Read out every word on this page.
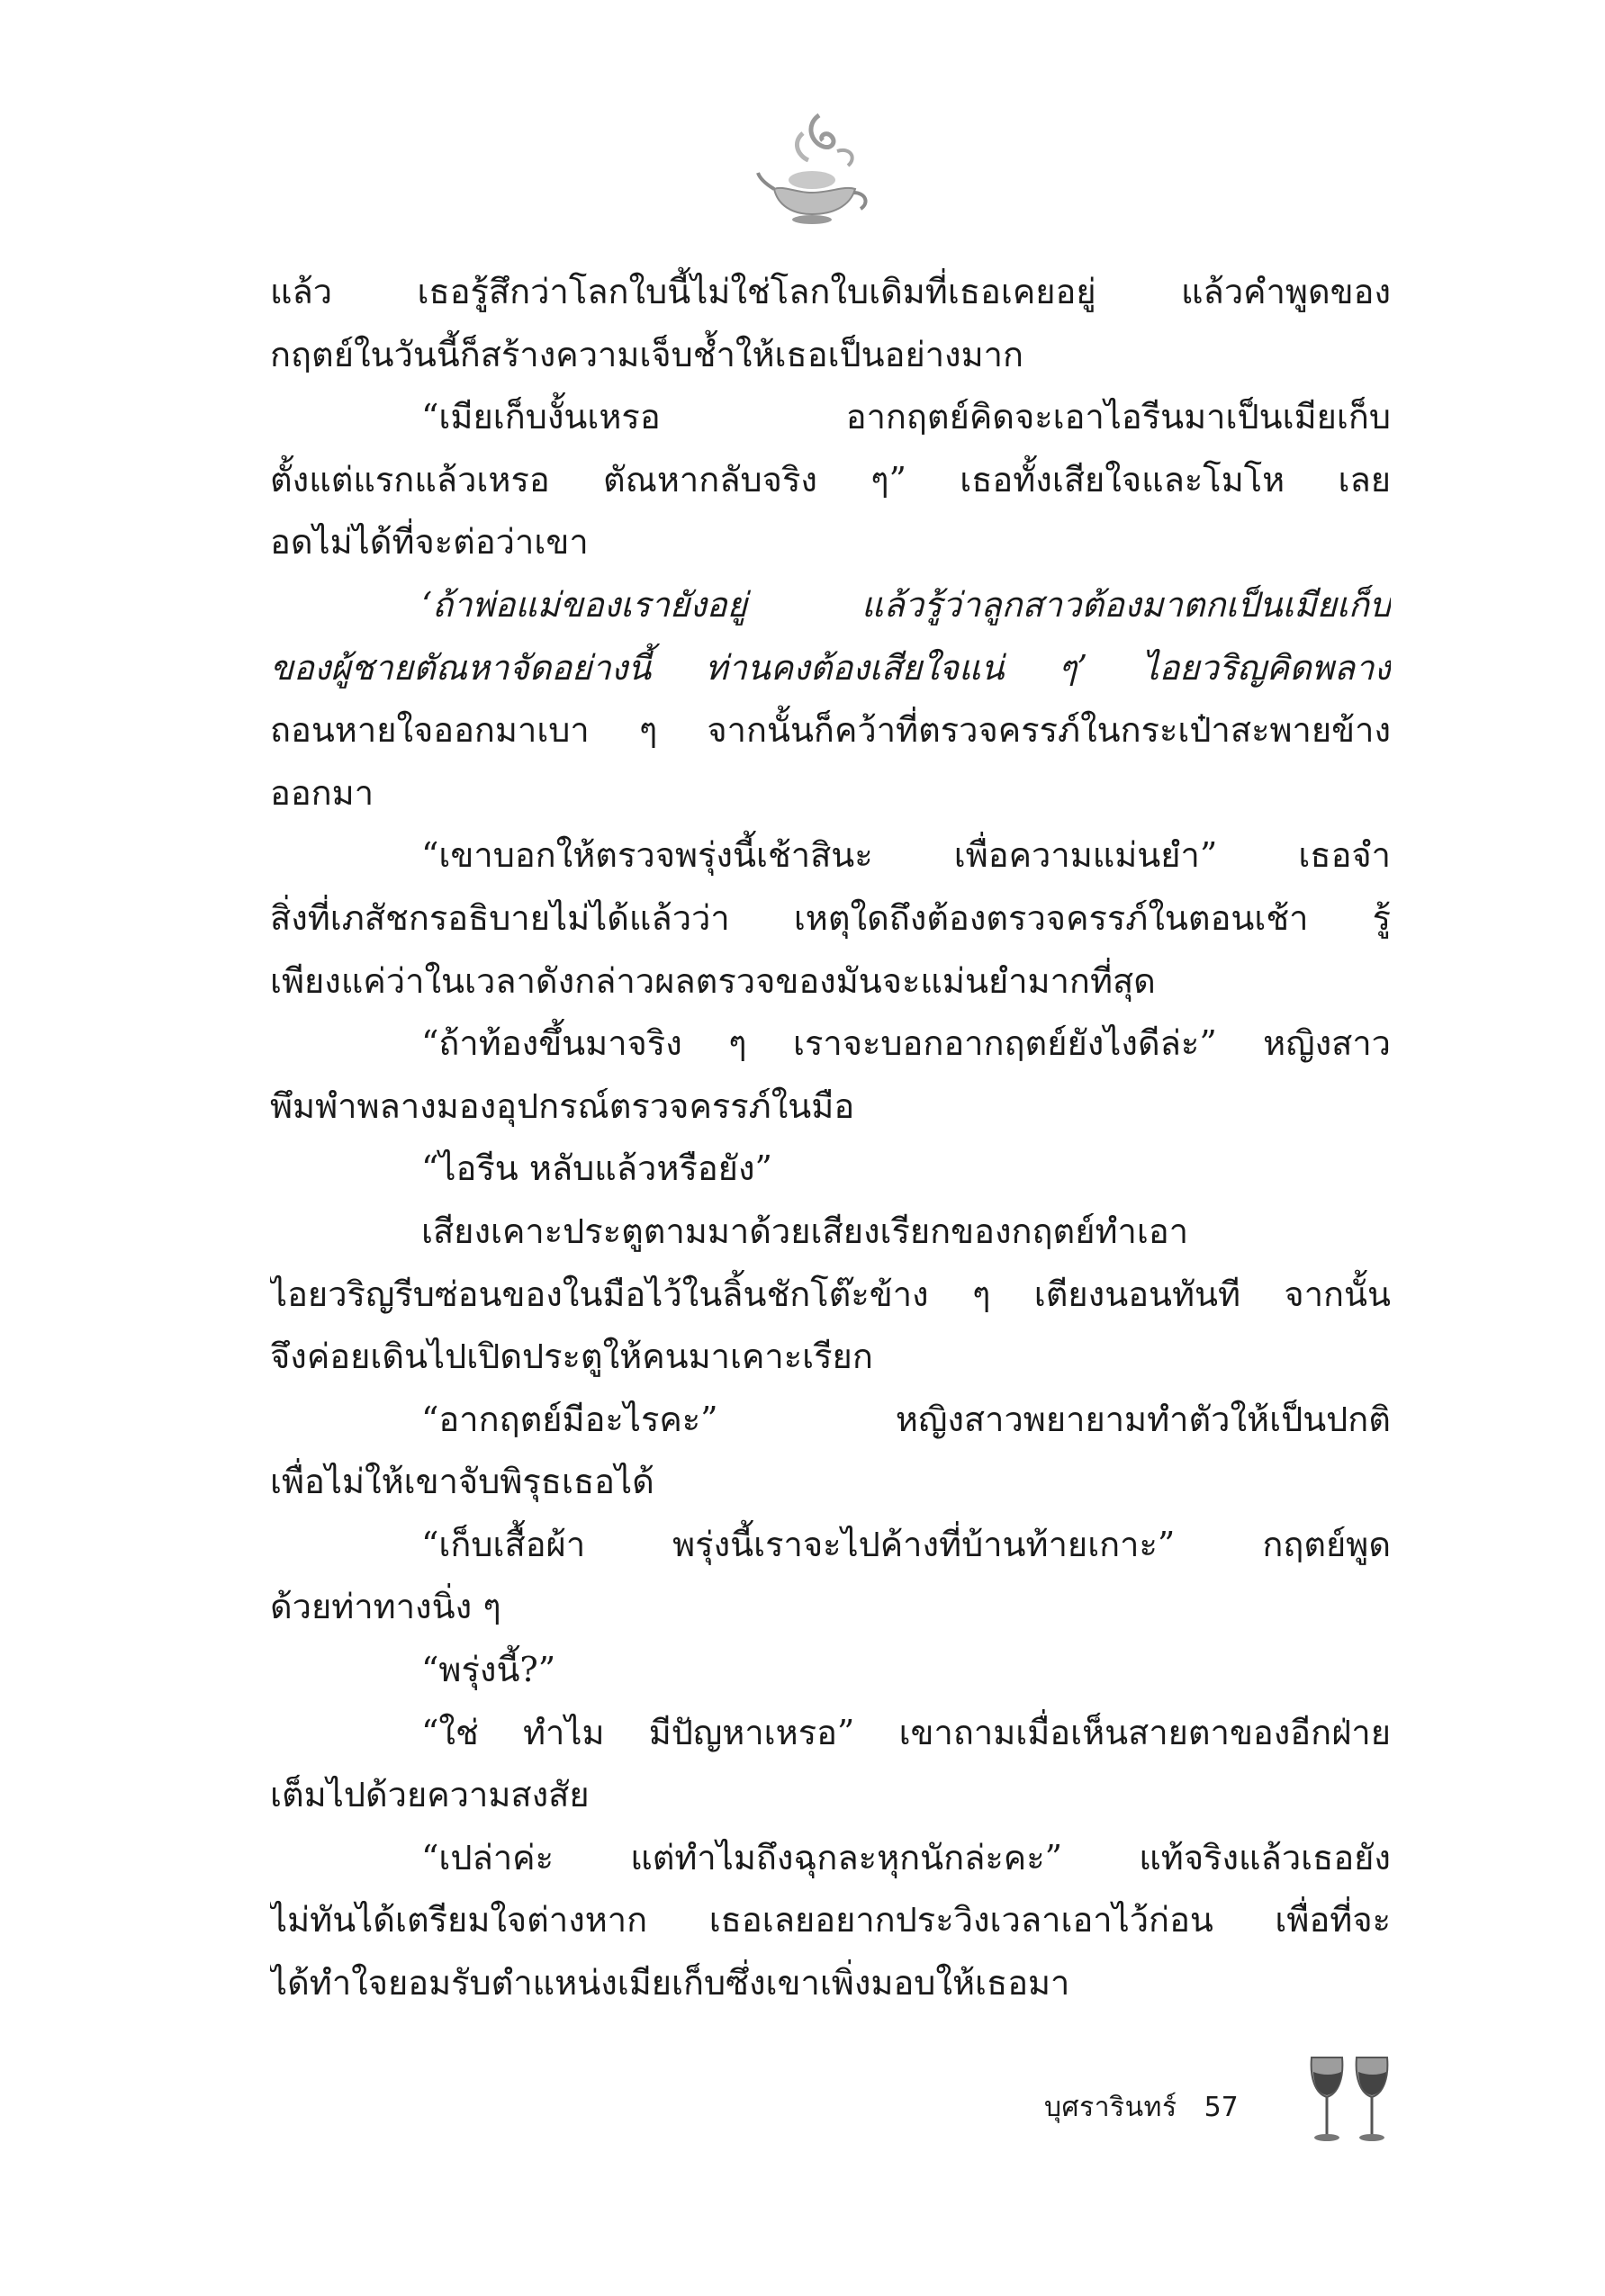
แล้ว เธอรู้สึกว่าโลกใบนี้ไม่ใช่โลกใบเดิมที่เธอเคยอยู่ แล้วคำพูดของ
กฤตย์ในวันนี้ก็สร้างความเจ็บช้ำให้เธอเป็นอย่างมาก
“เมียเก็บงั้นเหรอ อากฤตย์คิดจะเอาไอรีนมาเป็นเมียเก็บ
ตั้งแต่แรกแล้วเหรอ ตัณหากลับจริง ๆ” เธอทั้งเสียใจและโมโห เลย
อดไม่ได้ที่จะต่อว่าเขา
‘ถ้าพ่อแม่ของเรายังอยู่ แล้วรู้ว่าลูกสาวต้องมาตกเป็นเมียเก็บ
ของผู้ชายตัณหาจัดอย่างนี้ ท่านคงต้องเสียใจแน่ ๆ’ ไอยวริญคิดพลาง
ถอนหายใจออกมาเบา ๆ จากนั้นก็คว้าที่ตรวจครรภ์ในกระเป๋าสะพายข้าง
ออกมา
“เขาบอกให้ตรวจพรุ่งนี้เช้าสินะ เพื่อความแม่นยำ” เธอจำ
สิ่งที่เภสัชกรอธิบายไม่ได้แล้วว่า เหตุใดถึงต้องตรวจครรภ์ในตอนเช้า รู้
เพียงแค่ว่าในเวลาดังกล่าวผลตรวจของมันจะแม่นยำมากที่สุด
“ถ้าท้องขึ้นมาจริง ๆ เราจะบอกอากฤตย์ยังไงดีล่ะ” หญิงสาว
พึมพำพลางมองอุปกรณ์ตรวจครรภ์ในมือ
“ไอรีน หลับแล้วหรือยัง”
เสียงเคาะประตูตามมาด้วยเสียงเรียกของกฤตย์ทำเอา
ไอยวริญรีบซ่อนของในมือไว้ในลิ้นชักโต๊ะข้าง ๆ เตียงนอนทันที จากนั้น
จึงค่อยเดินไปเปิดประตูให้คนมาเคาะเรียก
“อากฤตย์มีอะไรคะ” หญิงสาวพยายามทำตัวให้เป็นปกติ
เพื่อไม่ให้เขาจับพิรุธเธอได้
“เก็บเสื้อผ้า พรุ่งนี้เราจะไปค้างที่บ้านท้ายเกาะ” กฤตย์พูด
ด้วยท่าทางนิ่ง ๆ
“พรุ่งนี้?”
“ใช่ ทำไม มีปัญหาเหรอ” เขาถามเมื่อเห็นสายตาของอีกฝ่าย
เต็มไปด้วยความสงสัย
“เปล่าค่ะ แต่ทำไมถึงฉุกละหุกนักล่ะคะ” แท้จริงแล้วเธอยัง
ไม่ทันได้เตรียมใจต่างหาก เธอเลยอยากประวิงเวลาเอาไว้ก่อน เพื่อที่จะ
ได้ทำใจยอมรับตำแหน่งเมียเก็บซึ่งเขาเพิ่งมอบให้เธอมา
บุศรารินทร์ 57
